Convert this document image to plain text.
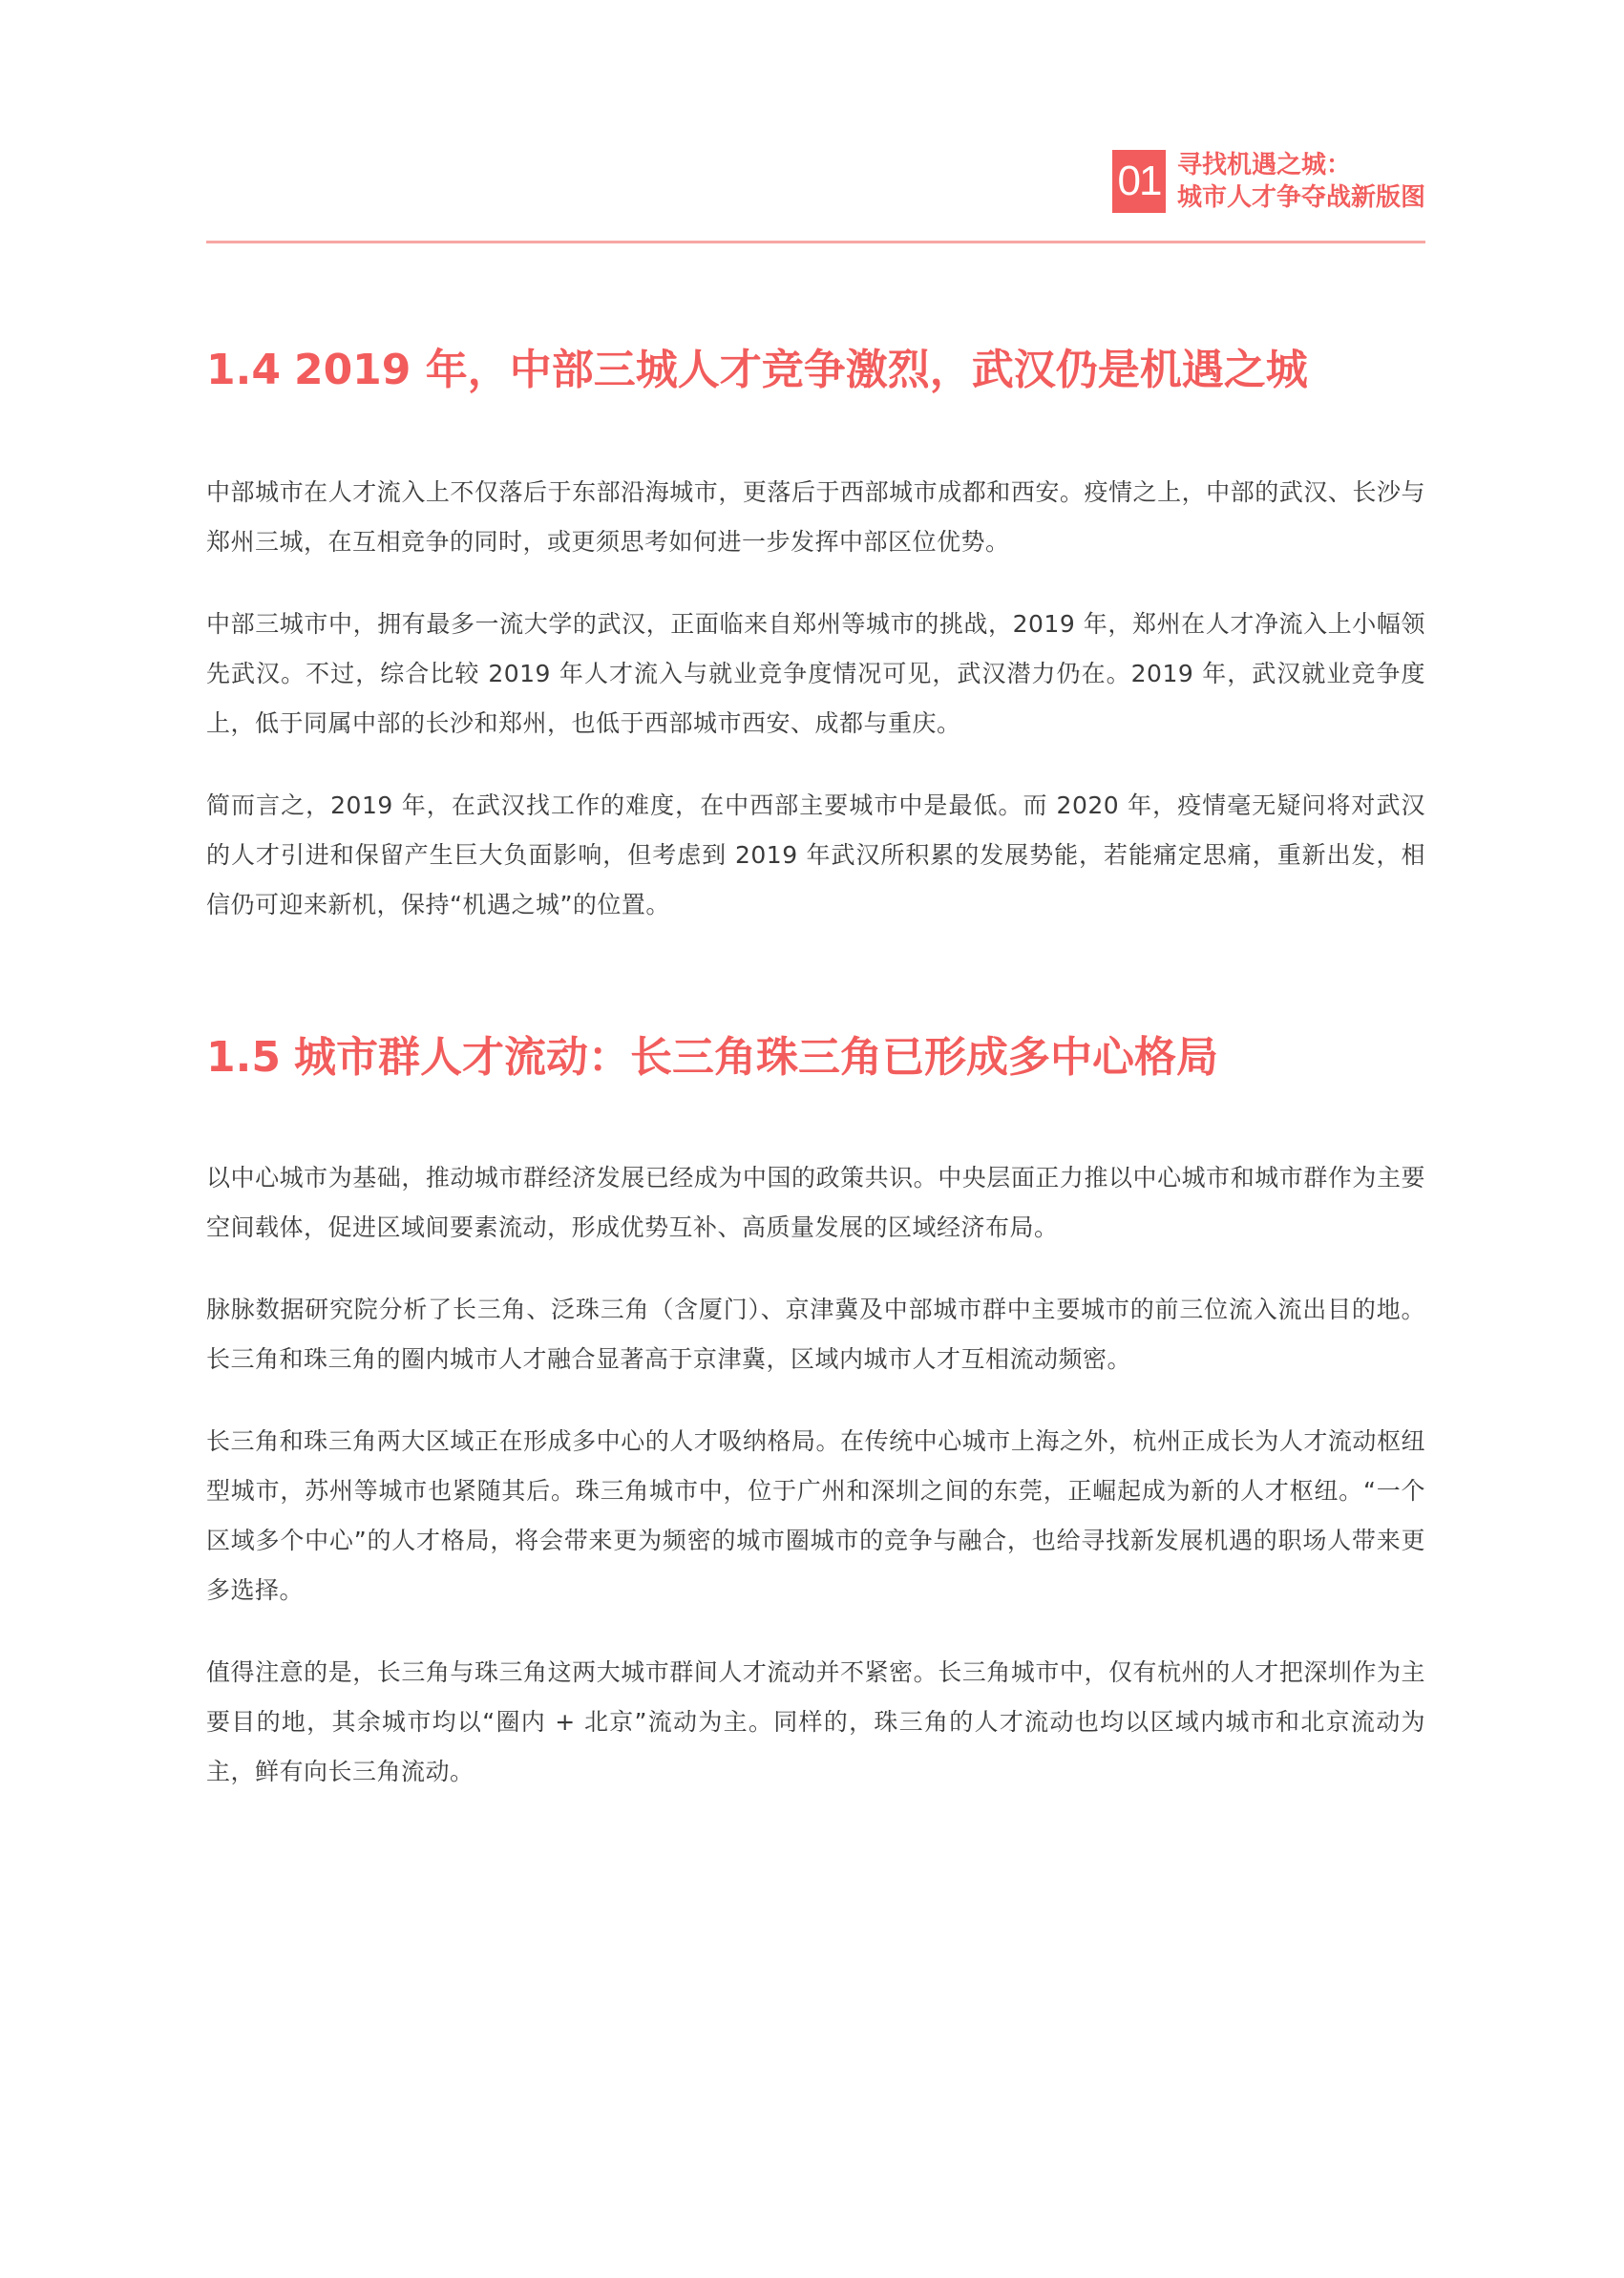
01 寻找机遇之城：
城市人才争夺战新版图
1.4 2019 年，中部三城人才竞争激烈，武汉仍是机遇之城

中部城市在人才流入上不仅落后于东部沿海城市，更落后于西部城市成都和西安。疫情之上，中部的武汉、长沙与郑州三城，在互相竞争的同时，或更须思考如何进一步发挥中部区位优势。

中部三城市中，拥有最多一流大学的武汉，正面临来自郑州等城市的挑战，2019 年，郑州在人才净流入上小幅领先武汉。不过，综合比较 2019 年人才流入与就业竞争度情况可见，武汉潜力仍在。2019 年，武汉就业竞争度上，低于同属中部的长沙和郑州，也低于西部城市西安、成都与重庆。

简而言之，2019 年，在武汉找工作的难度，在中西部主要城市中是最低。而 2020 年，疫情毫无疑问将对武汉的人才引进和保留产生巨大负面影响，但考虑到 2019 年武汉所积累的发展势能，若能痛定思痛，重新出发，相信仍可迎来新机，保持“机遇之城”的位置。

1.5 城市群人才流动：长三角珠三角已形成多中心格局

以中心城市为基础，推动城市群经济发展已经成为中国的政策共识。中央层面正力推以中心城市和城市群作为主要空间载体，促进区域间要素流动，形成优势互补、高质量发展的区域经济布局。

脉脉数据研究院分析了长三角、泛珠三角（含厦门）、京津冀及中部城市群中主要城市的前三位流入流出目的地。长三角和珠三角的圈内城市人才融合显著高于京津冀，区域内城市人才互相流动频密。

长三角和珠三角两大区域正在形成多中心的人才吸纳格局。在传统中心城市上海之外，杭州正成长为人才流动枢纽型城市，苏州等城市也紧随其后。珠三角城市中，位于广州和深圳之间的东莞，正崛起成为新的人才枢纽。“一个区域多个中心”的人才格局，将会带来更为频密的城市圈城市的竞争与融合，也给寻找新发展机遇的职场人带来更多选择。

值得注意的是，长三角与珠三角这两大城市群间人才流动并不紧密。长三角城市中，仅有杭州的人才把深圳作为主要目的地，其余城市均以“圈内 + 北京”流动为主。同样的，珠三角的人才流动也均以区域内城市和北京流动为主，鲜有向长三角流动。
